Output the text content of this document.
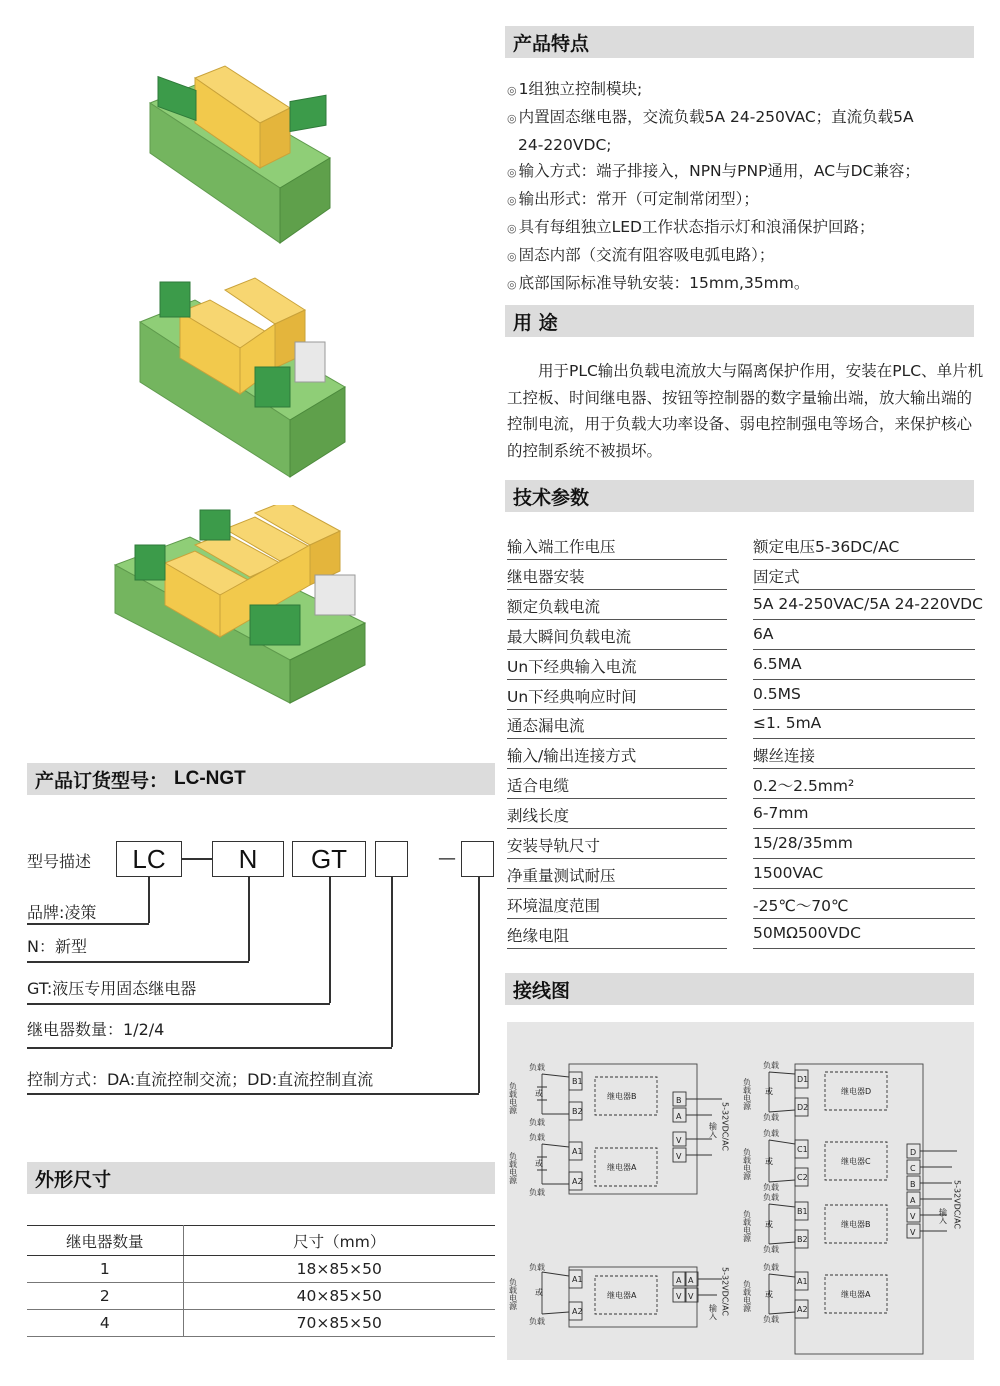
产品特点
◎ 1组独立控制模块;
◎ 内置固态继电器，交流负载5A 24-250VAC；直流负载5A
24-220VDC;
◎ 输入方式：端子排接入，NPN与PNP通用，AC与DC兼容；
◎ 输出形式：常开（可定制常闭型）；
◎ 具有每组独立LED工作状态指示灯和浪涌保护回路；
◎ 固态内部（交流有阻容吸电弧电路）；
◎ 底部国际标准导轨安装：15mm,35mm。
用 途
用于PLC输出负载电流放大与隔离保护作用，安装在PLC、单片机工控板、时间继电器、按钮等控制器的数字量输出端，放大输出端的控制电流，用于负载大功率设备、弱电控制强电等场合，来保护核心的控制系统不被损坏。
技术参数
输入端工作电压	额定电压5-36DC/AC
继电器安装	固定式
额定负载电流	5A 24-250VAC/5A 24-220VDC
最大瞬间负载电流	6A
Un下经典输入电流	6.5MA
Un下经典响应时间	0.5MS
通态漏电流	≤1. 5mA
输入/输出连接方式	螺丝连接
适合电缆	0.2～2.5mm²
剥线长度	6-7mm
安装导轨尺寸	15/28/35mm
净重量测试耐压	1500VAC
环境温度范围	-25℃～70℃
绝缘电阻	50MΩ500VDC
接线图
负载
负载
负载
负载
或
或
负载电源
负载电源
继电器B
继电器A
B1
B2
A1
A2
B
A
V
V
输入 5-32VDC/AC
负载
负载
负载
负载
负载
负载
负载
负载
或
或
或
或
负载电源
负载电源
负载电源
负载电源
继电器D
继电器C
继电器B
继电器A
D1
D2
C1
C2
B1
B2
A1
A2
D
C
B
A
V
V
输入 5-32VDC/AC
负载
负载
或
负载电源	继电器A
A1
A2
A A
V V
输入 5-32VDC/AC
产品订货型号： LC-NGT
型号描述	LC	N	GT	—
品牌:凌策
N：新型
GT:液压专用固态继电器
继电器数量：1/2/4
控制方式：DA:直流控制交流；DD:直流控制直流
外形尺寸
继电器数量	尺寸（mm）
1	18×85×50
2	40×85×50
4	70×85×50
